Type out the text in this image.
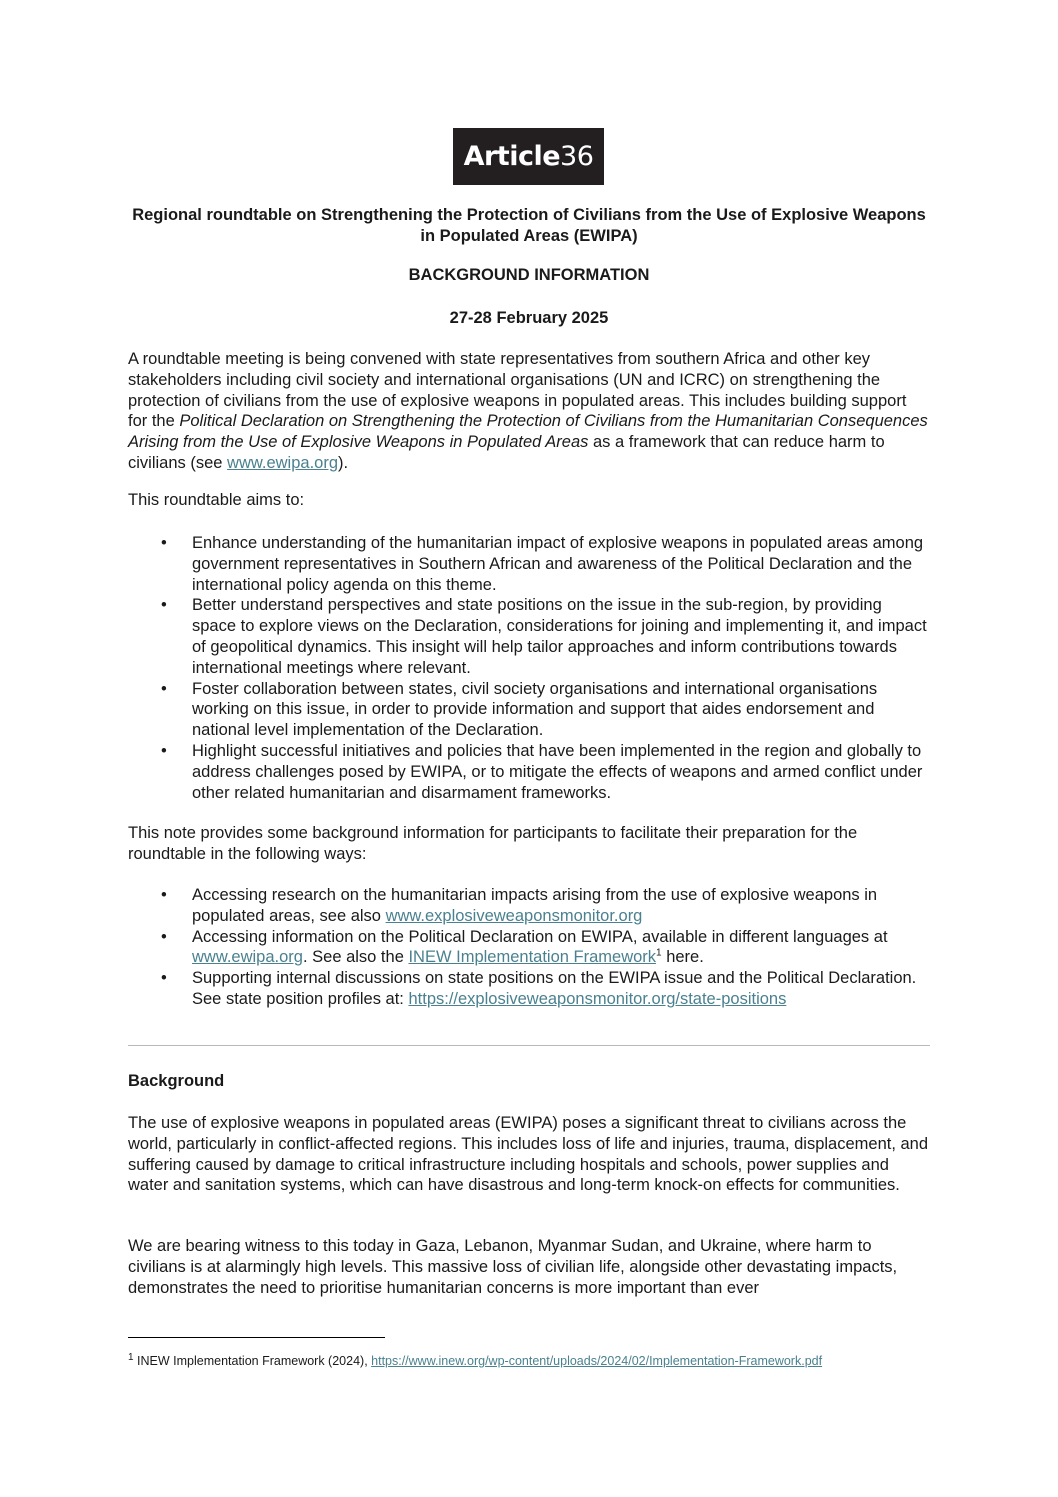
Article36
Regional roundtable on Strengthening the Protection of Civilians from the Use of Explosive Weapons in Populated Areas (EWIPA)
BACKGROUND INFORMATION
27-28 February 2025

A roundtable meeting is being convened with state representatives from southern Africa and other key stakeholders including civil society and international organisations (UN and ICRC) on strengthening the protection of civilians from the use of explosive weapons in populated areas. This includes building support for the Political Declaration on Strengthening the Protection of Civilians from the Humanitarian Consequences Arising from the Use of Explosive Weapons in Populated Areas as a framework that can reduce harm to civilians (see www.ewipa.org).

This roundtable aims to:

• Enhance understanding of the humanitarian impact of explosive weapons in populated areas among government representatives in Southern African and awareness of the Political Declaration and the international policy agenda on this theme.
• Better understand perspectives and state positions on the issue in the sub-region, by providing space to explore views on the Declaration, considerations for joining and implementing it, and impact of geopolitical dynamics. This insight will help tailor approaches and inform contributions towards international meetings where relevant.
• Foster collaboration between states, civil society organisations and international organisations working on this issue, in order to provide information and support that aides endorsement and national level implementation of the Declaration.
• Highlight successful initiatives and policies that have been implemented in the region and globally to address challenges posed by EWIPA, or to mitigate the effects of weapons and armed conflict under other related humanitarian and disarmament frameworks.

This note provides some background information for participants to facilitate their preparation for the roundtable in the following ways:

• Accessing research on the humanitarian impacts arising from the use of explosive weapons in populated areas, see also www.explosiveweaponsmonitor.org
• Accessing information on the Political Declaration on EWIPA, available in different languages at www.ewipa.org. See also the INEW Implementation Framework$^1$ here.
• Supporting internal discussions on state positions on the EWIPA issue and the Political Declaration. See state position profiles at: https://explosiveweaponsmonitor.org/state-positions
Background

The use of explosive weapons in populated areas (EWIPA) poses a significant threat to civilians across the world, particularly in conflict-affected regions. This includes loss of life and injuries, trauma, displacement, and suffering caused by damage to critical infrastructure including hospitals and schools, power supplies and water and sanitation systems, which can have disastrous and long-term knock-on effects for communities.

We are bearing witness to this today in Gaza, Lebanon, Myanmar Sudan, and Ukraine, where harm to civilians is at alarmingly high levels. This massive loss of civilian life, alongside other devastating impacts, demonstrates the need to prioritise humanitarian concerns is more important than ever

$^1$ INEW Implementation Framework (2024), https://www.inew.org/wp-content/uploads/2024/02/Implementation-Framework.pdf
